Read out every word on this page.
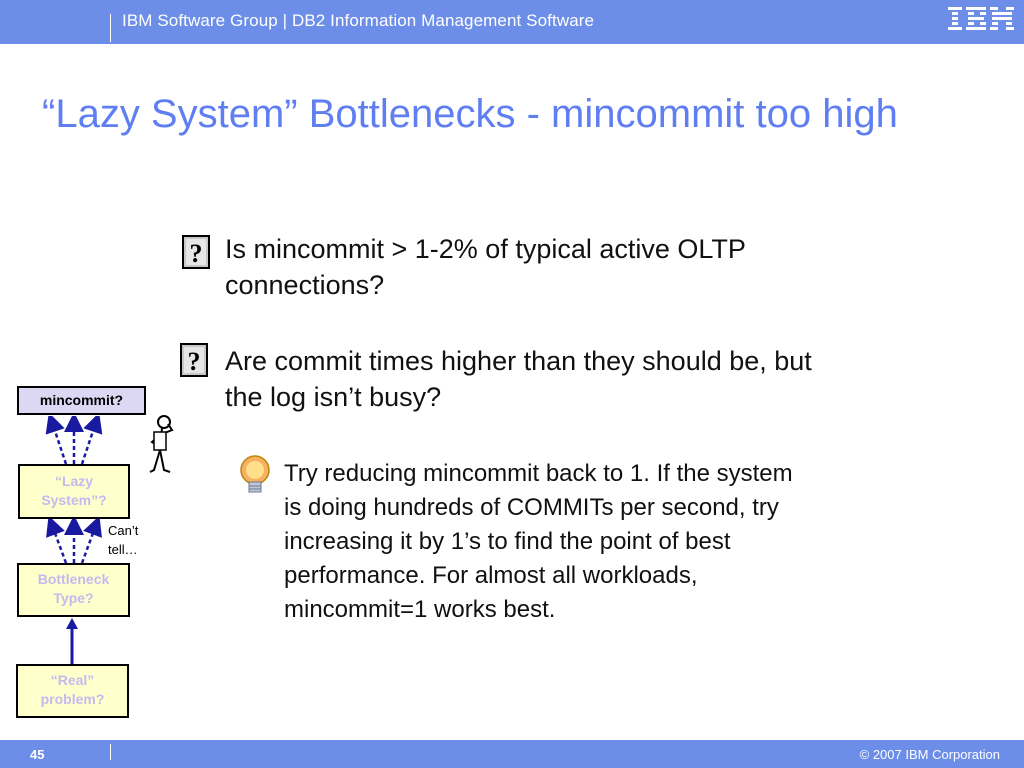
IBM Software Group | DB2 Information Management Software
“Lazy System” Bottlenecks - mincommit too high
? Is mincommit > 1-2% of typical active OLTP
connections?
? Are commit times higher than they should be, but
the log isn’t busy?
Try reducing mincommit back to 1. If the system
is doing hundreds of COMMITs per second, try
increasing it by 1’s to find the point of best
performance. For almost all workloads,
mincommit=1 works best.
mincommit?
“Lazy
System”?
Can’t
tell…
Bottleneck
Type?
“Real”
problem?
45	© 2007 IBM Corporation
